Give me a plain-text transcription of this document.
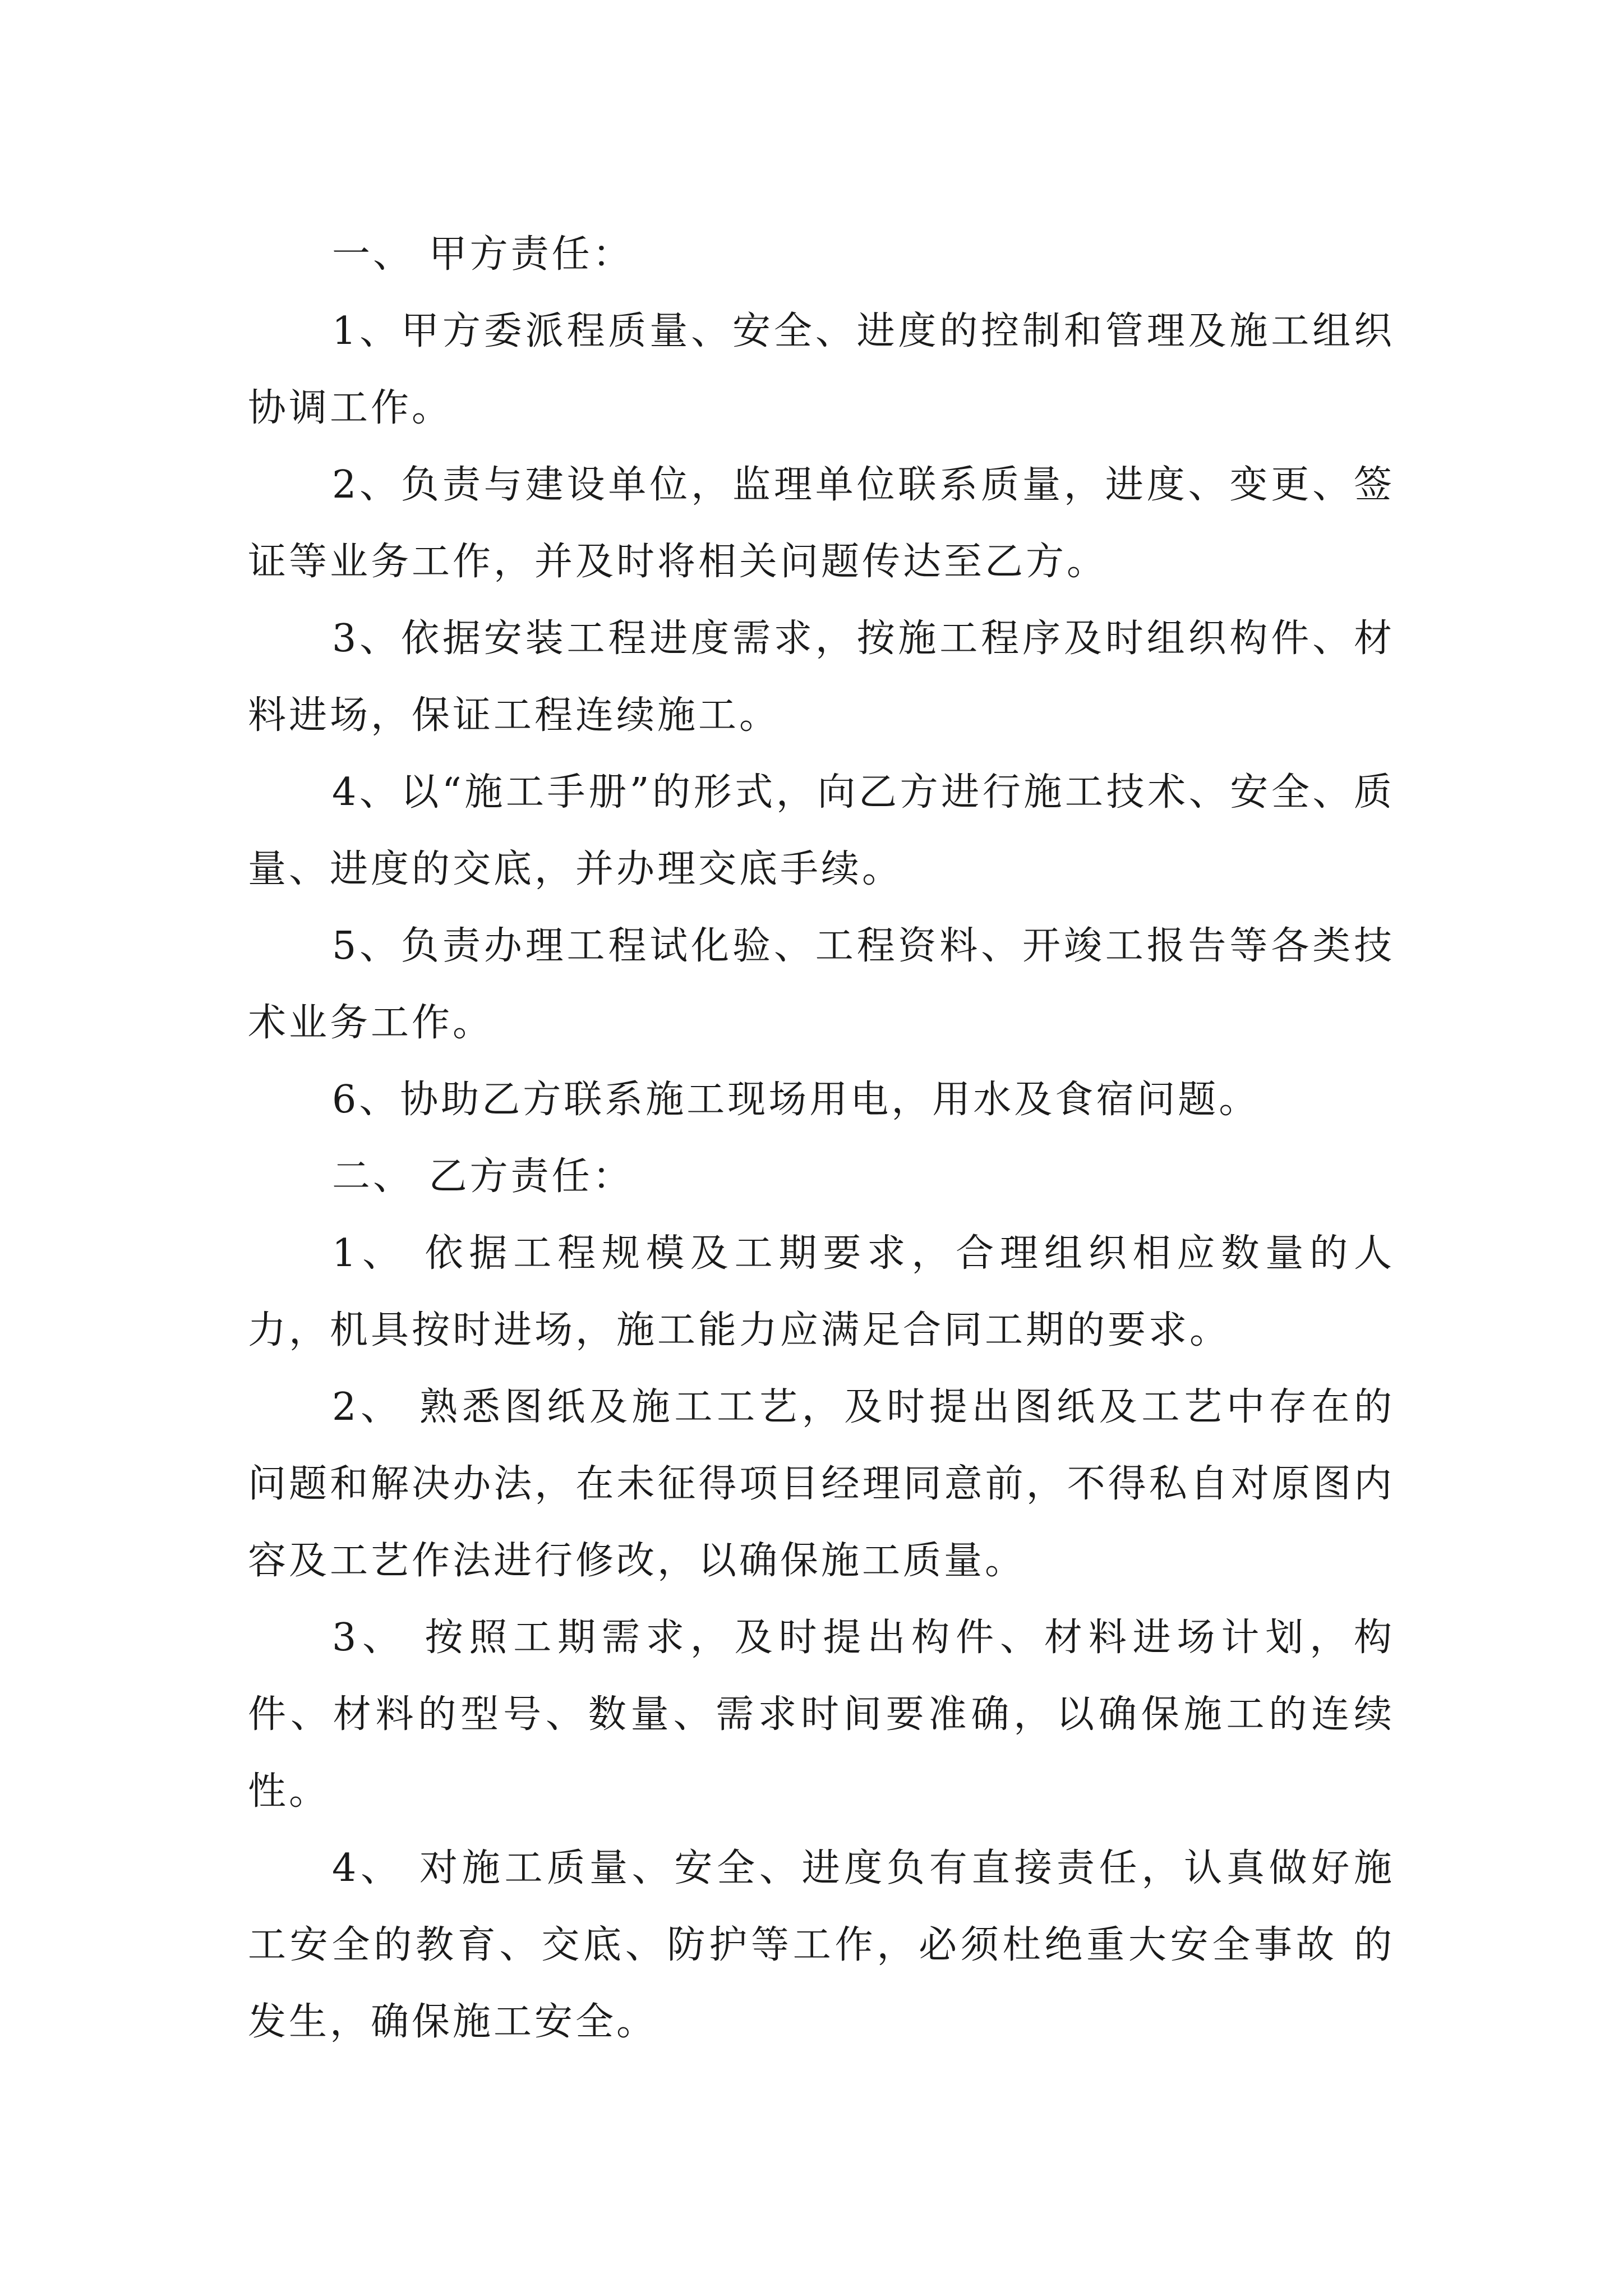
一、 甲方责任：

1、甲方委派程质量、安全、进度的控制和管理及施工组织协调工作。

2、负责与建设单位，监理单位联系质量，进度、变更、签证等业务工作，并及时将相关问题传达至乙方。

3、依据安装工程进度需求，按施工程序及时组织构件、材料进场，保证工程连续施工。

4、以“施工手册”的形式，向乙方进行施工技术、安全、质量、进度的交底，并办理交底手续。

5、负责办理工程试化验、工程资料、开竣工报告等各类技术业务工作。

6、协助乙方联系施工现场用电，用水及食宿问题。

二、 乙方责任：

1、 依据工程规模及工期要求，合理组织相应数量的人力，机具按时进场，施工能力应满足合同工期的要求。

2、 熟悉图纸及施工工艺，及时提出图纸及工艺中存在的问题和解决办法，在未征得项目经理同意前，不得私自对原图内容及工艺作法进行修改，以确保施工质量。

3、 按照工期需求，及时提出构件、材料进场计划，构件、材料的型号、数量、需求时间要准确，以确保施工的连续性。

4、 对施工质量、安全、进度负有直接责任，认真做好施工安全的教育、交底、防护等工作，必须杜绝重大安全事故 的发生，确保施工安全。
